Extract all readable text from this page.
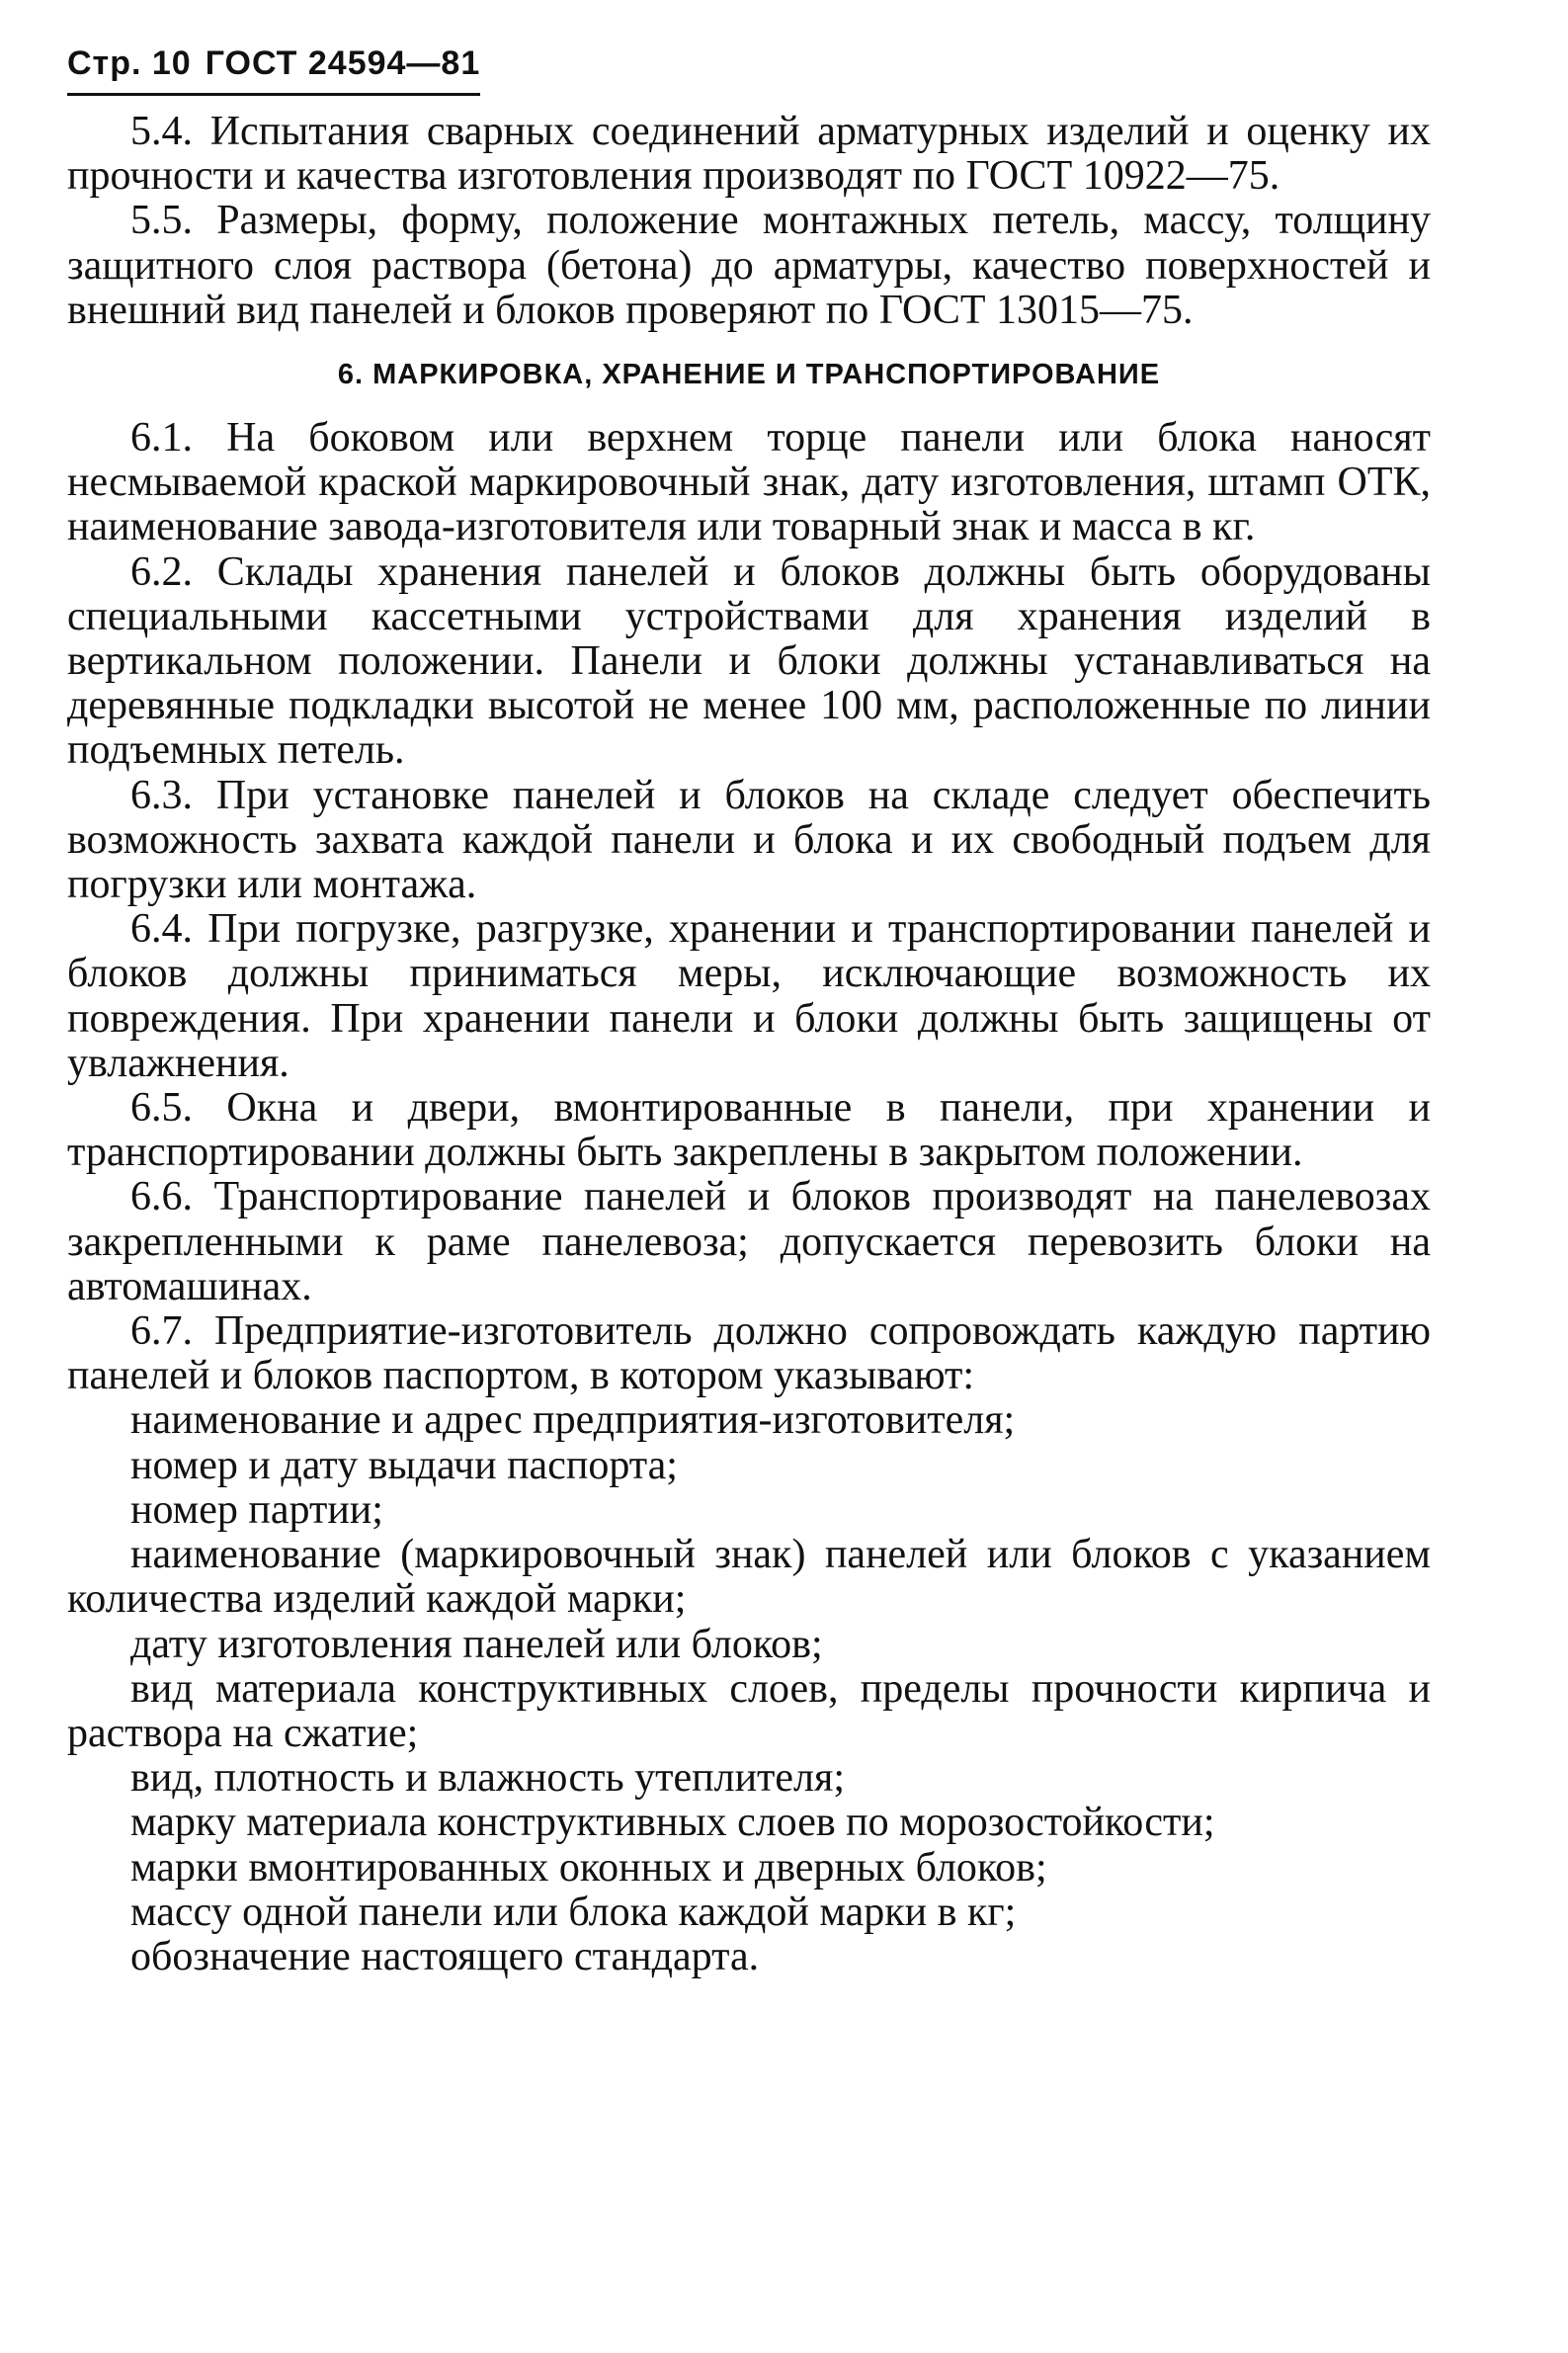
Стр. 10 ГОСТ 24594—81

5.4. Испытания сварных соединений арматурных изделий и оценку их прочности и качества изготовления производят по ГОСТ 10922—75.

5.5. Размеры, форму, положение монтажных петель, массу, толщину защитного слоя раствора (бетона) до арматуры, качество поверхностей и внешний вид панелей и блоков проверяют по ГОСТ 13015—75.

6. МАРКИРОВКА, ХРАНЕНИЕ И ТРАНСПОРТИРОВАНИЕ

6.1. На боковом или верхнем торце панели или блока наносят несмываемой краской маркировочный знак, дату изготовления, штамп ОТК, наименование завода-изготовителя или товарный знак и масса в кг.

6.2. Склады хранения панелей и блоков должны быть оборудованы специальными кассетными устройствами для хранения изделий в вертикальном положении. Панели и блоки должны устанавливаться на деревянные подкладки высотой не менее 100 мм, расположенные по линии подъемных петель.

6.3. При установке панелей и блоков на складе следует обеспечить возможность захвата каждой панели и блока и их свободный подъем для погрузки или монтажа.

6.4. При погрузке, разгрузке, хранении и транспортировании панелей и блоков должны приниматься меры, исключающие возможность их повреждения. При хранении панели и блоки должны быть защищены от увлажнения.

6.5. Окна и двери, вмонтированные в панели, при хранении и транспортировании должны быть закреплены в закрытом положении.

6.6. Транспортирование панелей и блоков производят на панелевозах закрепленными к раме панелевоза; допускается перевозить блоки на автомашинах.

6.7. Предприятие-изготовитель должно сопровождать каждую партию панелей и блоков паспортом, в котором указывают:

наименование и адрес предприятия-изготовителя;

номер и дату выдачи паспорта;

номер партии;

наименование (маркировочный знак) панелей или блоков с указанием количества изделий каждой марки;

дату изготовления панелей или блоков;

вид материала конструктивных слоев, пределы прочности кирпича и раствора на сжатие;

вид, плотность и влажность утеплителя;

марку материала конструктивных слоев по морозостойкости;

марки вмонтированных оконных и дверных блоков;

массу одной панели или блока каждой марки в кг;

обозначение настоящего стандарта.
